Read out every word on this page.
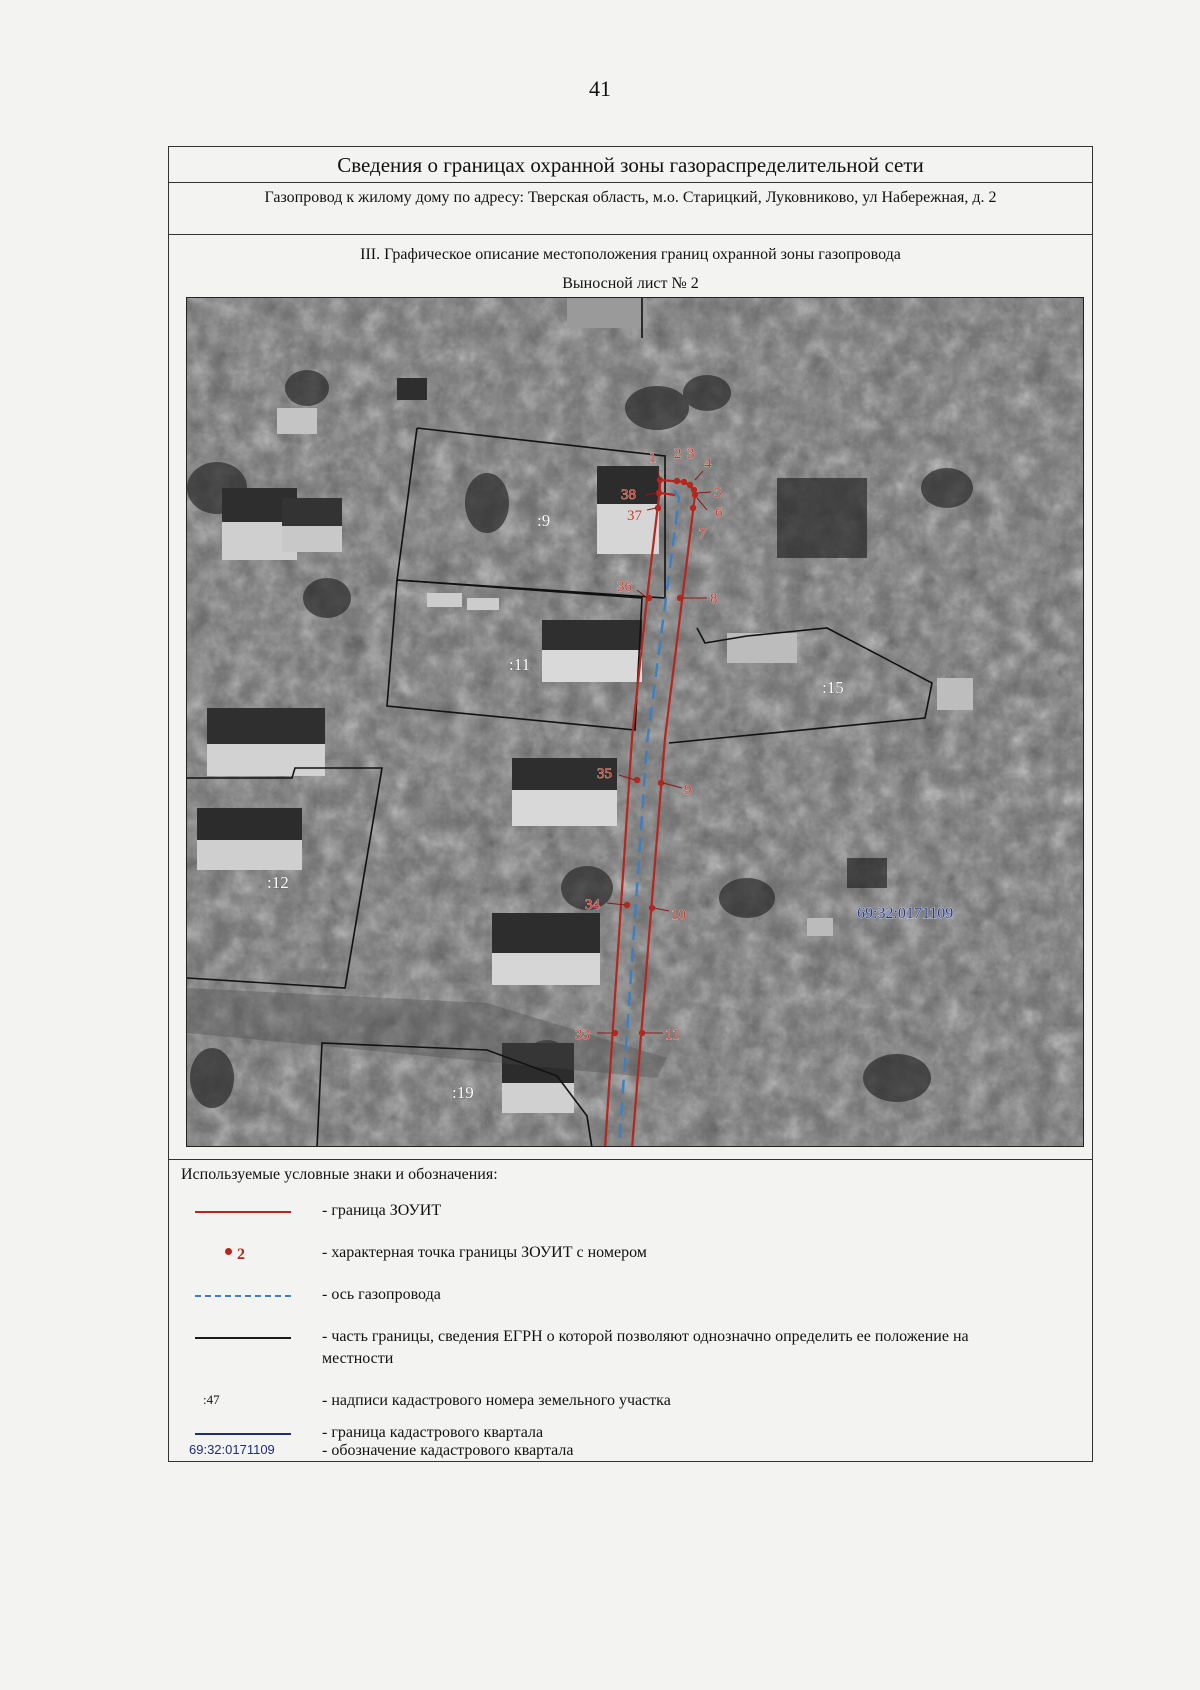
41
Сведения о границах охранной зоны газораспределительной сети
Газопровод к жилому дому по адресу: Тверская область, м.о. Старицкий, Луковниково, ул Набережная, д. 2
III. Графическое описание местоположения границ охранной зоны газопровода
Выносной лист № 2
1 2 3
4
5
6
7
8
9
10
11
33
34
35
36
37
38
:9
:11
:12
:15
:19
69:32:0171109
Используемые условные знаки и обозначения:
- граница ЗОУИТ
2	- характерная точка границы ЗОУИТ с номером
- ось газопровода
- часть границы, сведения ЕГРН о которой позволяют однозначно определить ее положение на местности
:47	- надписи кадастрового номера земельного участка
- граница кадастрового квартала
69:32:0171109	- обозначение кадастрового квартала
